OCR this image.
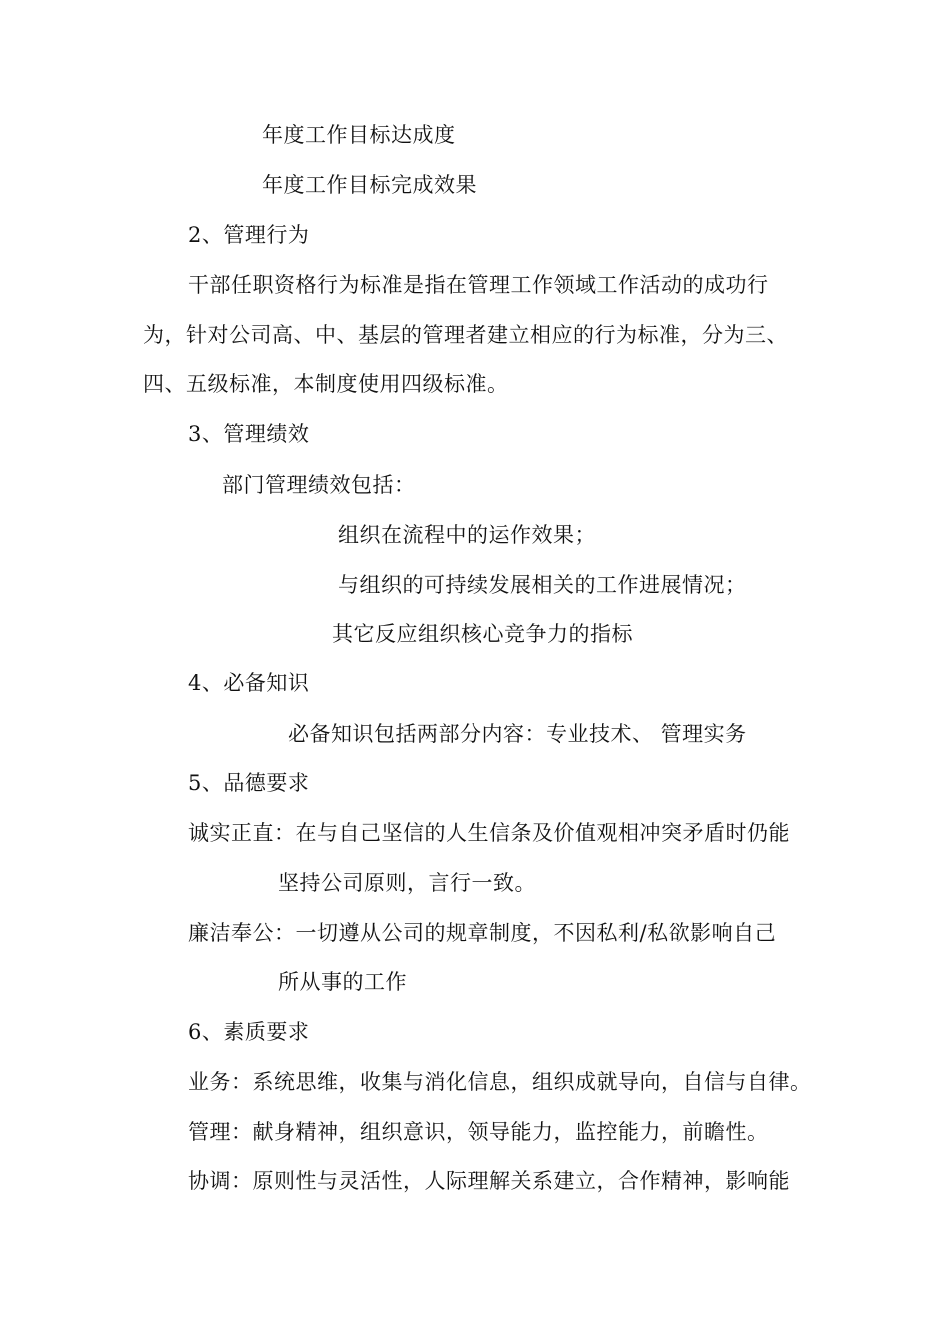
年度工作目标达成度
年度工作目标完成效果
2、管理行为
干部任职资格行为标准是指在管理工作领域工作活动的成功行
为，针对公司高、中、基层的管理者建立相应的行为标准，分为三、
四、五级标准，本制度使用四级标准。
3、管理绩效
部门管理绩效包括：
组织在流程中的运作效果；
与组织的可持续发展相关的工作进展情况；
其它反应组织核心竞争力的指标
4、必备知识
必备知识包括两部分内容：专业技术、 管理实务
5、品德要求
诚实正直：在与自己坚信的人生信条及价值观相冲突矛盾时仍能
坚持公司原则，言行一致。
廉洁奉公：一切遵从公司的规章制度，不因私利/私欲影响自己
所从事的工作
6、素质要求
业务：系统思维，收集与消化信息，组织成就导向，自信与自律。
管理：献身精神，组织意识，领导能力，监控能力，前瞻性。
协调：原则性与灵活性，人际理解关系建立，合作精神，影响能
